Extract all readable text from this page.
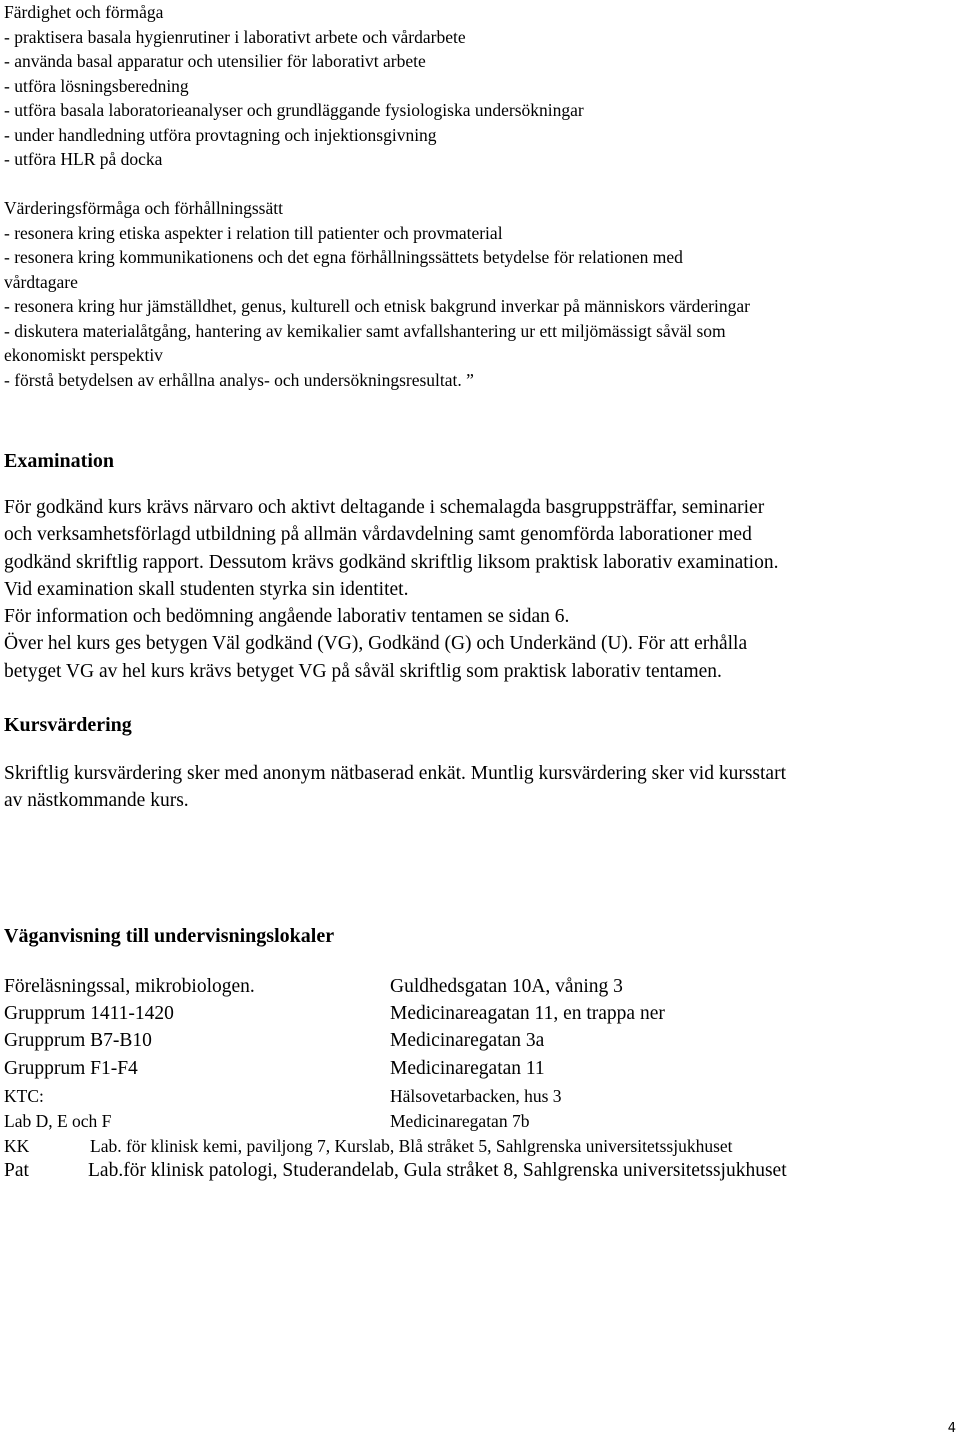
Färdighet och förmåga
- praktisera basala hygienrutiner i laborativt arbete och vårdarbete
- använda basal apparatur och utensilier för laborativt arbete
- utföra lösningsberedning
- utföra basala laboratorieanalyser och grundläggande fysiologiska undersökningar
- under handledning utföra provtagning och injektionsgivning
- utföra HLR på docka
Värderingsförmåga och förhållningssätt
- resonera kring etiska aspekter i relation till patienter och provmaterial
- resonera kring kommunikationens och det egna förhållningssättets betydelse för relationen med
vårdtagare
- resonera kring hur jämställdhet, genus, kulturell och etnisk bakgrund inverkar på människors värderingar
- diskutera materialåtgång, hantering av kemikalier samt avfallshantering ur ett miljömässigt såväl som
ekonomiskt perspektiv
- förstå betydelsen av erhållna analys- och undersökningsresultat. ”
Examination
För godkänd kurs krävs närvaro och aktivt deltagande i schemalagda basgruppsträffar, seminarier
och verksamhetsförlagd utbildning på allmän vårdavdelning samt genomförda laborationer med
godkänd skriftlig rapport. Dessutom krävs godkänd skriftlig liksom praktisk laborativ examination.
Vid examination skall studenten styrka sin identitet.
För information och bedömning angående laborativ tentamen se sidan 6.
Över hel kurs ges betygen Väl godkänd (VG), Godkänd (G) och Underkänd (U). För att erhålla
betyget VG av hel kurs krävs betyget VG på såväl skriftlig som praktisk laborativ tentamen.
Kursvärdering
Skriftlig kursvärdering sker med anonym nätbaserad enkät. Muntlig kursvärdering sker vid kursstart
av nästkommande kurs.
Väganvisning till undervisningslokaler
Föreläsningssal, mikrobiologen.	Guldhedsgatan 10A, våning 3
Grupprum 1411-1420	Medicinareagatan 11, en trappa ner
Grupprum B7-B10	Medicinaregatan 3a
Grupprum F1-F4	Medicinaregatan 11
KTC:	Hälsovetarbacken, hus 3
Lab D, E och F	Medicinaregatan 7b
KK	Lab. för klinisk kemi, paviljong 7, Kurslab, Blå stråket 5, Sahlgrenska universitetssjukhuset
Pat	Lab.för klinisk patologi, Studerandelab, Gula stråket 8, Sahlgrenska universitetssjukhuset
4
